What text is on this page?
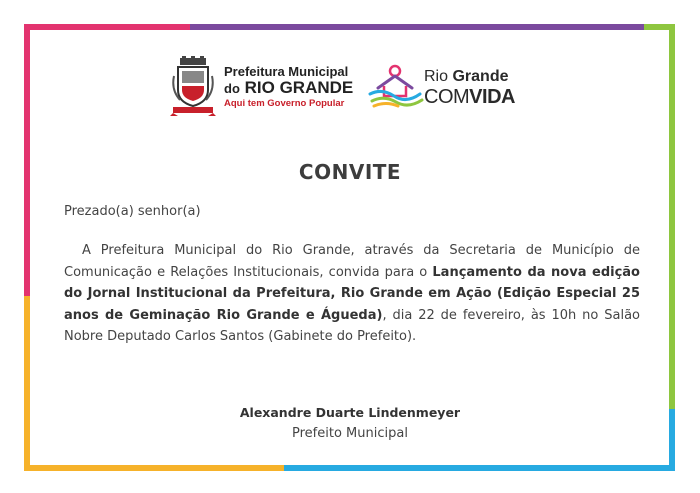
Prefeitura Municipal
do RIO GRANDE
Aqui tem Governo Popular
Rio Grande
COMVIDA
CONVITE
Prezado(a) senhor(a)
A Prefeitura Municipal do Rio Grande, através da Secretaria de Município de Comunicação e Relações Institucionais, convida para o Lançamento da nova edição do Jornal Institucional da Prefeitura, Rio Grande em Ação (Edição Especial 25 anos de Geminação Rio Grande e Águeda), dia 22 de fevereiro, às 10h no Salão Nobre Deputado Carlos Santos (Gabinete do Prefeito).
Alexandre Duarte Lindenmeyer
Prefeito Municipal
